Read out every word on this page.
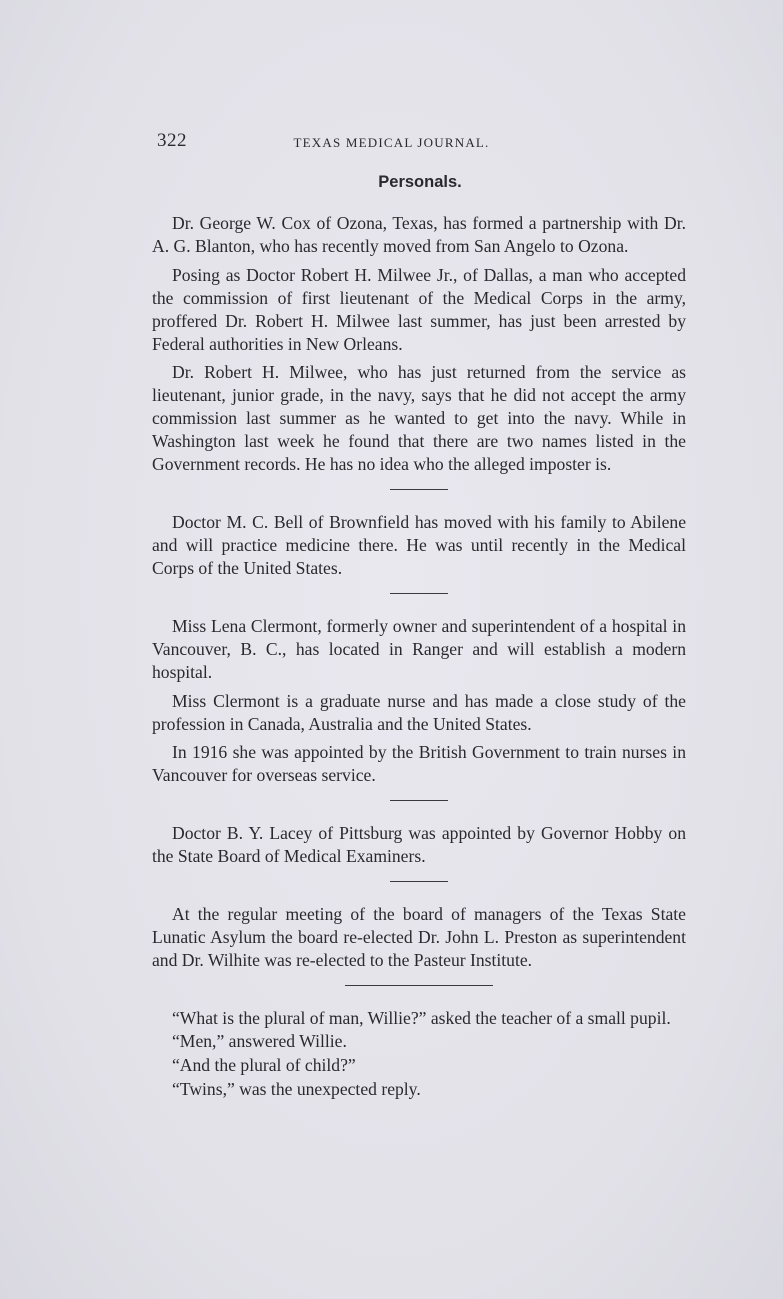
322	TEXAS MEDICAL JOURNAL.
Personals.

Dr. George W. Cox of Ozona, Texas, has formed a partnership with Dr. A. G. Blanton, who has recently moved from San Angelo to Ozona.

Posing as Doctor Robert H. Milwee Jr., of Dallas, a man who accepted the commission of first lieutenant of the Medical Corps in the army, proffered Dr. Robert H. Milwee last summer, has just been arrested by Federal authorities in New Orleans.

Dr. Robert H. Milwee, who has just returned from the service as lieutenant, junior grade, in the navy, says that he did not accept the army commission last summer as he wanted to get into the navy. While in Washington last week he found that there are two names listed in the Government records. He has no idea who the alleged imposter is.

Doctor M. C. Bell of Brownfield has moved with his family to Abilene and will practice medicine there. He was until recently in the Medical Corps of the United States.

Miss Lena Clermont, formerly owner and superintendent of a hospital in Vancouver, B. C., has located in Ranger and will establish a modern hospital.

Miss Clermont is a graduate nurse and has made a close study of the profession in Canada, Australia and the United States.

In 1916 she was appointed by the British Government to train nurses in Vancouver for overseas service.

Doctor B. Y. Lacey of Pittsburg was appointed by Governor Hobby on the State Board of Medical Examiners.

At the regular meeting of the board of managers of the Texas State Lunatic Asylum the board re-elected Dr. John L. Preston as superintendent and Dr. Wilhite was re-elected to the Pasteur Institute.

“What is the plural of man, Willie?” asked the teacher of a small pupil.

“Men,” answered Willie.

“And the plural of child?”

“Twins,” was the unexpected reply.
